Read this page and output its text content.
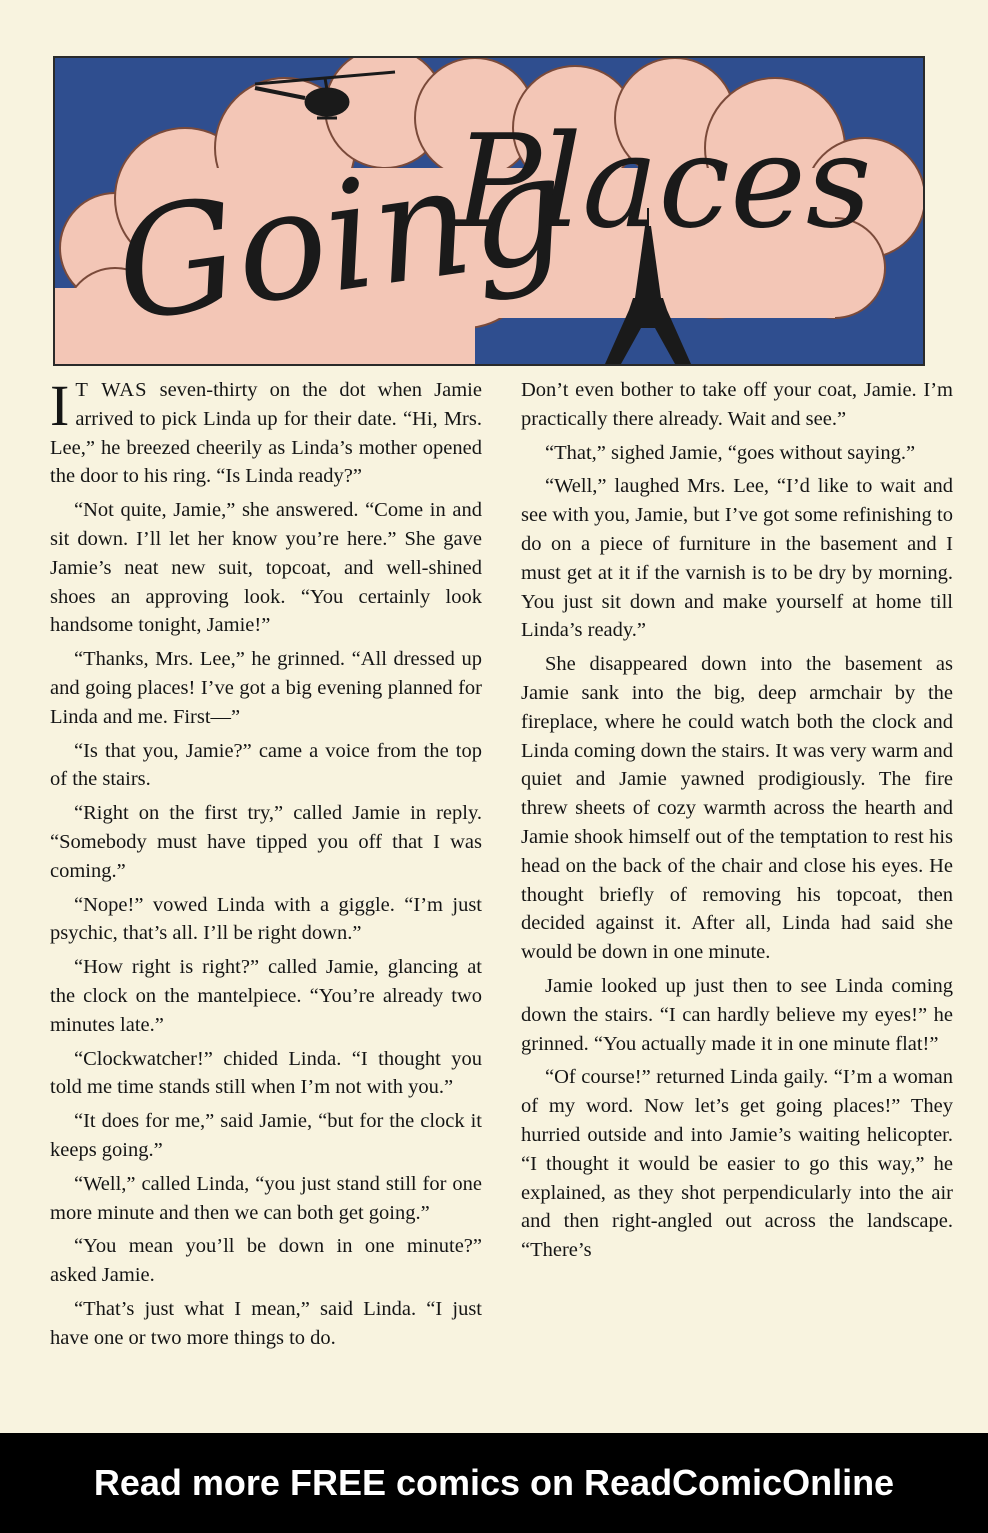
Going
Places

I T WAS seven-thirty on the dot when Jamie arrived to pick Linda up for their date. “Hi, Mrs. Lee,” he breezed cheerily as Linda’s mother opened the door to his ring. “Is Linda ready?”

“Not quite, Jamie,” she answered. “Come in and sit down. I’ll let her know you’re here.” She gave Jamie’s neat new suit, topcoat, and well-shined shoes an approving look. “You certainly look handsome tonight, Jamie!”

“Thanks, Mrs. Lee,” he grinned. “All dressed up and going places! I’ve got a big evening planned for Linda and me. First—”

“Is that you, Jamie?” came a voice from the top of the stairs.

“Right on the first try,” called Jamie in reply. “Somebody must have tipped you off that I was coming.”

“Nope!” vowed Linda with a giggle. “I’m just psychic, that’s all. I’ll be right down.”

“How right is right?” called Jamie, glancing at the clock on the mantelpiece. “You’re already two minutes late.”

“Clockwatcher!” chided Linda. “I thought you told me time stands still when I’m not with you.”

“It does for me,” said Jamie, “but for the clock it keeps going.”

“Well,” called Linda, “you just stand still for one more minute and then we can both get going.”

“You mean you’ll be down in one minute?” asked Jamie.

“That’s just what I mean,” said Linda. “I just have one or two more things to do.

Don’t even bother to take off your coat, Jamie. I’m practically there already. Wait and see.”

“That,” sighed Jamie, “goes without saying.”

“Well,” laughed Mrs. Lee, “I’d like to wait and see with you, Jamie, but I’ve got some refinishing to do on a piece of furniture in the basement and I must get at it if the varnish is to be dry by morning. You just sit down and make yourself at home till Linda’s ready.”

She disappeared down into the basement as Jamie sank into the big, deep armchair by the fireplace, where he could watch both the clock and Linda coming down the stairs. It was very warm and quiet and Jamie yawned prodigiously. The fire threw sheets of cozy warmth across the hearth and Jamie shook himself out of the temptation to rest his head on the back of the chair and close his eyes. He thought briefly of removing his topcoat, then decided against it. After all, Linda had said she would be down in one minute.

Jamie looked up just then to see Linda coming down the stairs. “I can hardly believe my eyes!” he grinned. “You actually made it in one minute flat!”

“Of course!” returned Linda gaily. “I’m a woman of my word. Now let’s get going places!” They hurried outside and into Jamie’s waiting helicopter. “I thought it would be easier to go this way,” he explained, as they shot perpendicularly into the air and then right-angled out across the landscape. “There’s

Read more FREE comics on ReadComicOnline
